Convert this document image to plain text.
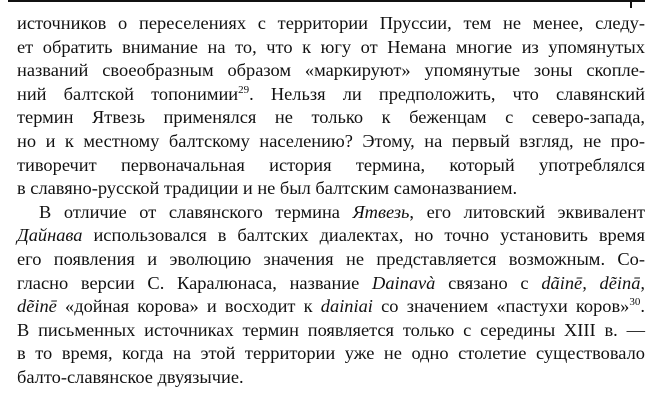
источников о переселениях с территории Пруссии, тем не менее, следу-
ет обратить внимание на то, что к югу от Немана многие из упомянутых
названий своеобразным образом «маркируют» упомянутые зоны скопле-
ний балтской топонимии$^{29}$. Нельзя ли предположить, что славянский
термин Ятвезь применялся не только к беженцам с северо-запада,
но и к местному балтскому населению? Этому, на первый взгляд, не про-
тиворечит первоначальная история термина, который употреблялся
в славяно-русской традиции и не был балтским самоназванием.
В отличие от славянского термина Ятвезь, его литовский эквивалент
Дайнава использовался в балтских диалектах, но точно установить время
его появления и эволюцию значения не представляется возможным. Со-
гласно версии С. Каралюнаса, название Dainavà связано с dãinē, dẽinā,
dẽinē «дойная корова» и восходит к dainiai со значением «пастухи коров»$^{30}$.
В письменных источниках термин появляется только с середины XIII в. —
в то время, когда на этой территории уже не одно столетие существовало
балто-славянское двуязычие.
